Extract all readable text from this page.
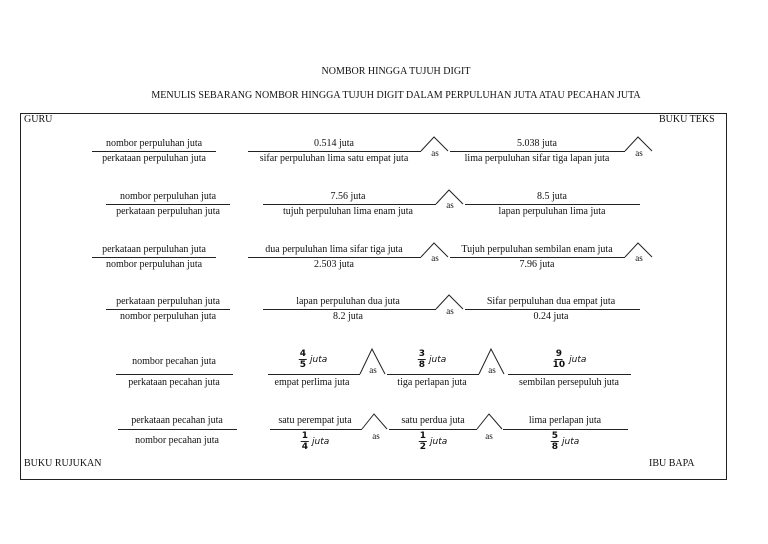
NOMBOR HINGGA TUJUH DIGIT
MENULIS SEBARANG NOMBOR HINGGA TUJUH DIGIT DALAM PERPULUHAN JUTA ATAU PECAHAN JUTA
GURU	BUKU TEKS
BUKU RUJUKAN	IBU BAPA
nombor perpuluhan juta
perkataan perpuluhan juta
0.514 juta
sifar perpuluhan lima satu empat juta	as
5.038 juta
lima perpuluhan sifar tiga lapan juta	as
nombor perpuluhan juta
perkataan perpuluhan juta
7.56 juta
tujuh perpuluhan lima enam juta
as
8.5 juta
lapan perpuluhan lima juta
perkataan perpuluhan juta
nombor perpuluhan juta
dua perpuluhan lima sifar tiga juta
2.503 juta
as
Tujuh perpuluhan sembilan enam juta
7.96 juta
as
perkataan perpuluhan juta
nombor perpuluhan juta
lapan perpuluhan dua juta
8.2 juta	as
Sifar perpuluhan dua empat juta
0.24 juta
nombor pecahan juta
perkataan pecahan juta
$\frac{4}{5}$ juta
empat perlima juta
as	$\frac{3}{8}$ juta
tiga perlapan juta
as	$\frac{9}{10}$ juta
sembilan persepuluh juta
perkataan pecahan juta
nombor pecahan juta
satu perempat juta
$\frac{1}{4}$ juta
as
satu perdua juta
$\frac{1}{2}$ juta
as
lima perlapan juta
$\frac{5}{8}$ juta
